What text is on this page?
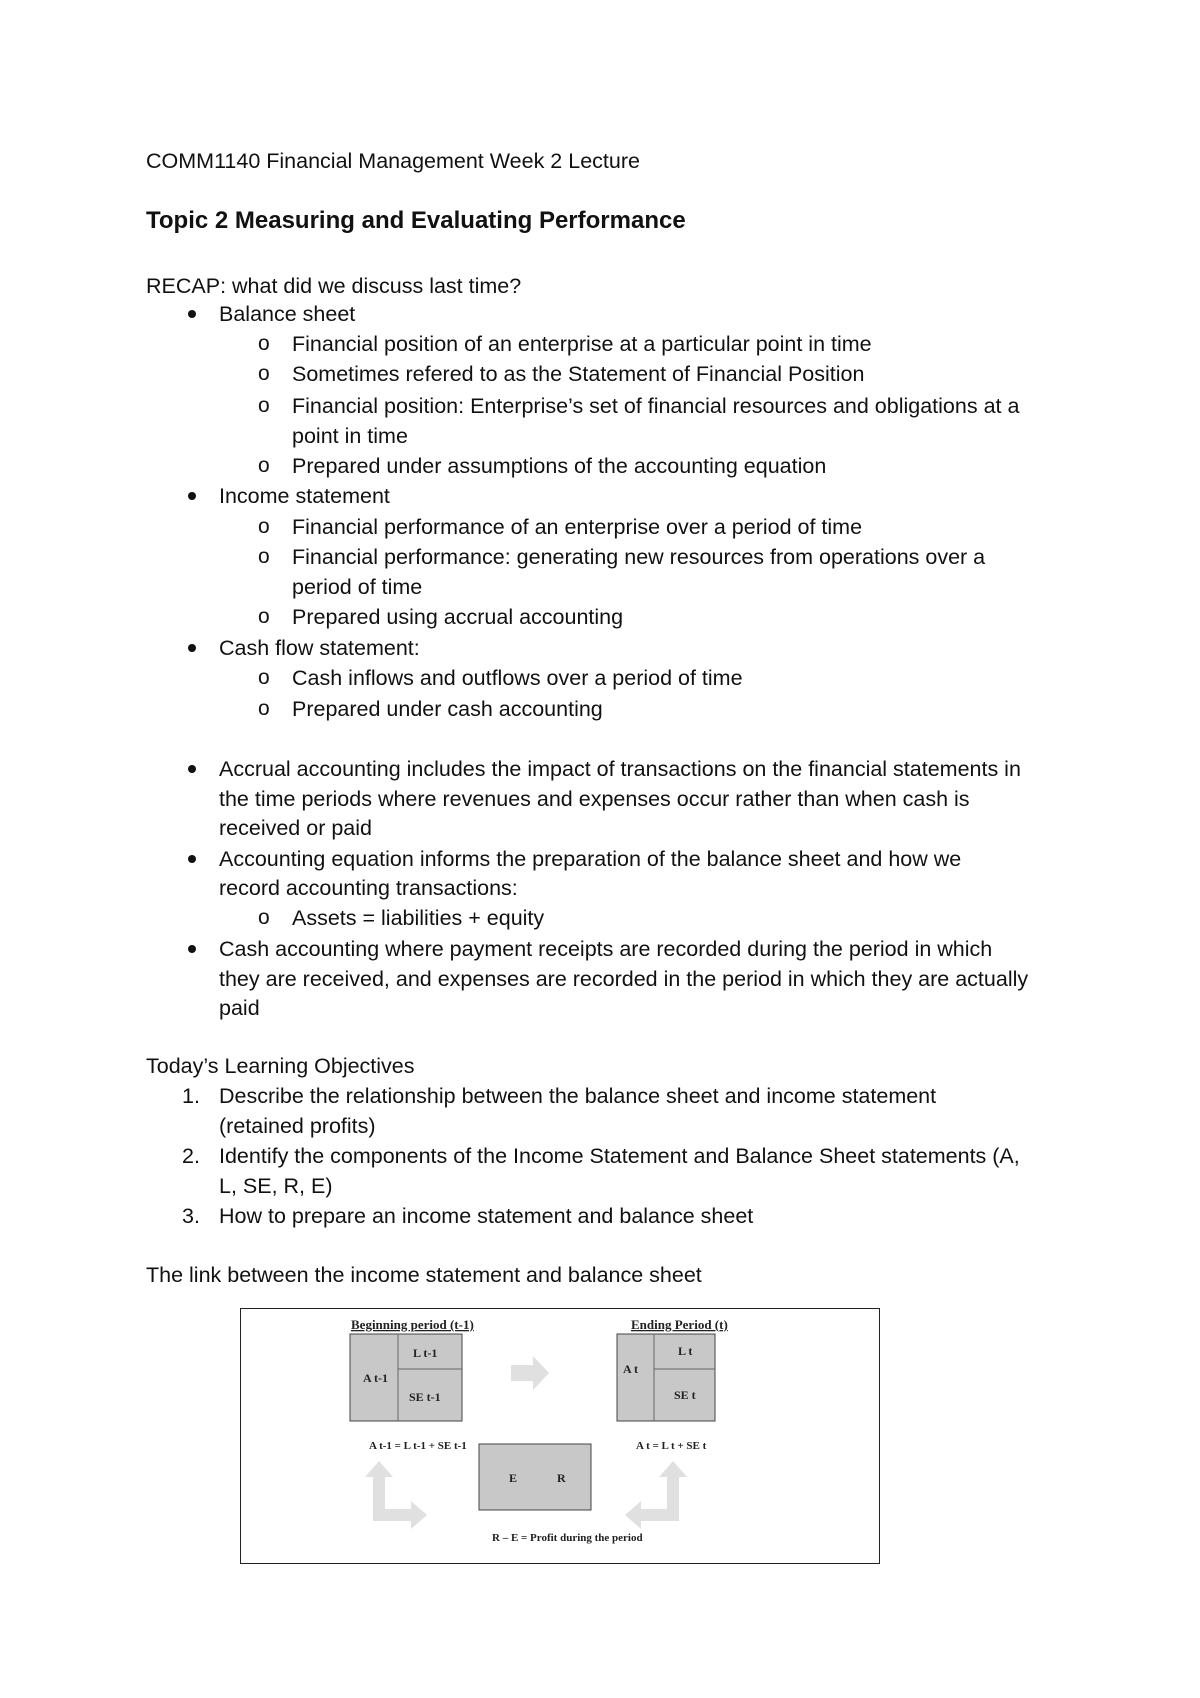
COMM1140 Financial Management Week 2 Lecture
Topic 2 Measuring and Evaluating Performance
RECAP: what did we discuss last time?
Balance sheet
o Financial position of an enterprise at a particular point in time
o Sometimes refered to as the Statement of Financial Position
o Financial position: Enterprise’s set of financial resources and obligations at a
point in time
o Prepared under assumptions of the accounting equation
Income statement
o Financial performance of an enterprise over a period of time
o Financial performance: generating new resources from operations over a
period of time
o Prepared using accrual accounting
Cash flow statement:
o Cash inflows and outflows over a period of time
o Prepared under cash accounting
Accrual accounting includes the impact of transactions on the financial statements in
the time periods where revenues and expenses occur rather than when cash is
received or paid
Accounting equation informs the preparation of the balance sheet and how we
record accounting transactions:
o Assets = liabilities + equity
Cash accounting where payment receipts are recorded during the period in which
they are received, and expenses are recorded in the period in which they are actually
paid
Today’s Learning Objectives
1. Describe the relationship between the balance sheet and income statement
(retained profits)
2. Identify the components of the Income Statement and Balance Sheet statements (A,
L, SE, R, E)
3. How to prepare an income statement and balance sheet
The link between the income statement and balance sheet
Beginning period (t-1)
A t-1
L t-1
SE t-1
Ending Period (t)
A t
L t
SE t
A t-1 = L t-1 + SE t-1	A t = L t + SE t
E	R
R – E = Profit during the period
